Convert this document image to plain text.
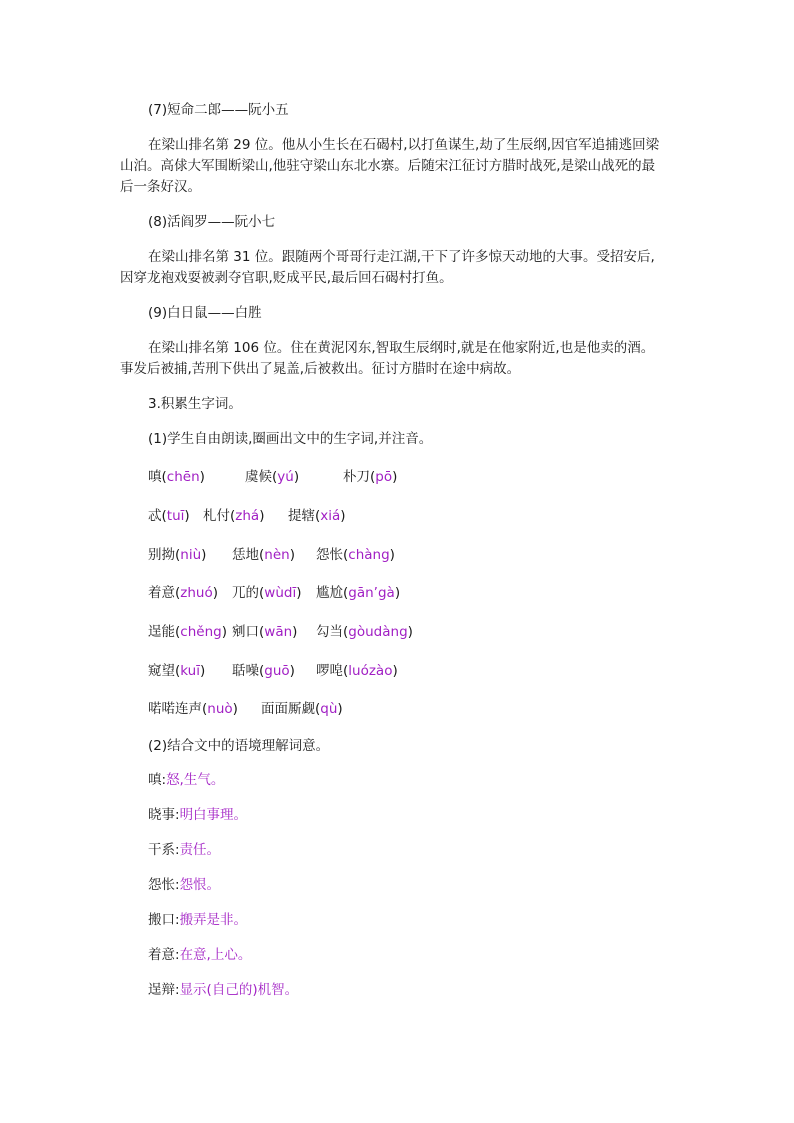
(7)短命二郎——阮小五
在梁山排名第 29 位。他从小生长在石碣村,以打鱼谋生,劫了生辰纲,因官军追捕逃回梁
山泊。高俅大军围断梁山,他驻守梁山东北水寨。后随宋江征讨方腊时战死,是梁山战死的最
后一条好汉。
(8)活阎罗——阮小七
在梁山排名第 31 位。跟随两个哥哥行走江湖,干下了许多惊天动地的大事。受招安后,
因穿龙袍戏耍被剥夺官职,贬成平民,最后回石碣村打鱼。
(9)白日鼠——白胜
在梁山排名第 106 位。住在黄泥冈东,智取生辰纲时,就是在他家附近,也是他卖的酒。
事发后被捕,苦刑下供出了晁盖,后被救出。征讨方腊时在途中病故。
3.积累生字词。
(1)学生自由朗读,圈画出文中的生字词,并注音。
嗔(chēn)	虞候(yú)	朴刀(pō)
忒(tuī) 札付(zhá) 提辖(xiá)
别拗(niù) 恁地(nèn) 怨怅(chàng)
着意(zhuó) 兀的(wùdī) 尴尬(gān’gà)
逞能(chěng) 剜口(wān) 勾当(gòudàng)
窥望(kuī) 聒噪(guō) 啰唣(luózào)
喏喏连声(nuò) 面面厮觑(qù)
(2)结合文中的语境理解词意。
嗔:怒,生气。
晓事:明白事理。
干系:责任。
怨怅:怨恨。
搬口:搬弄是非。
着意:在意,上心。
逞辩:显示(自己的)机智。
